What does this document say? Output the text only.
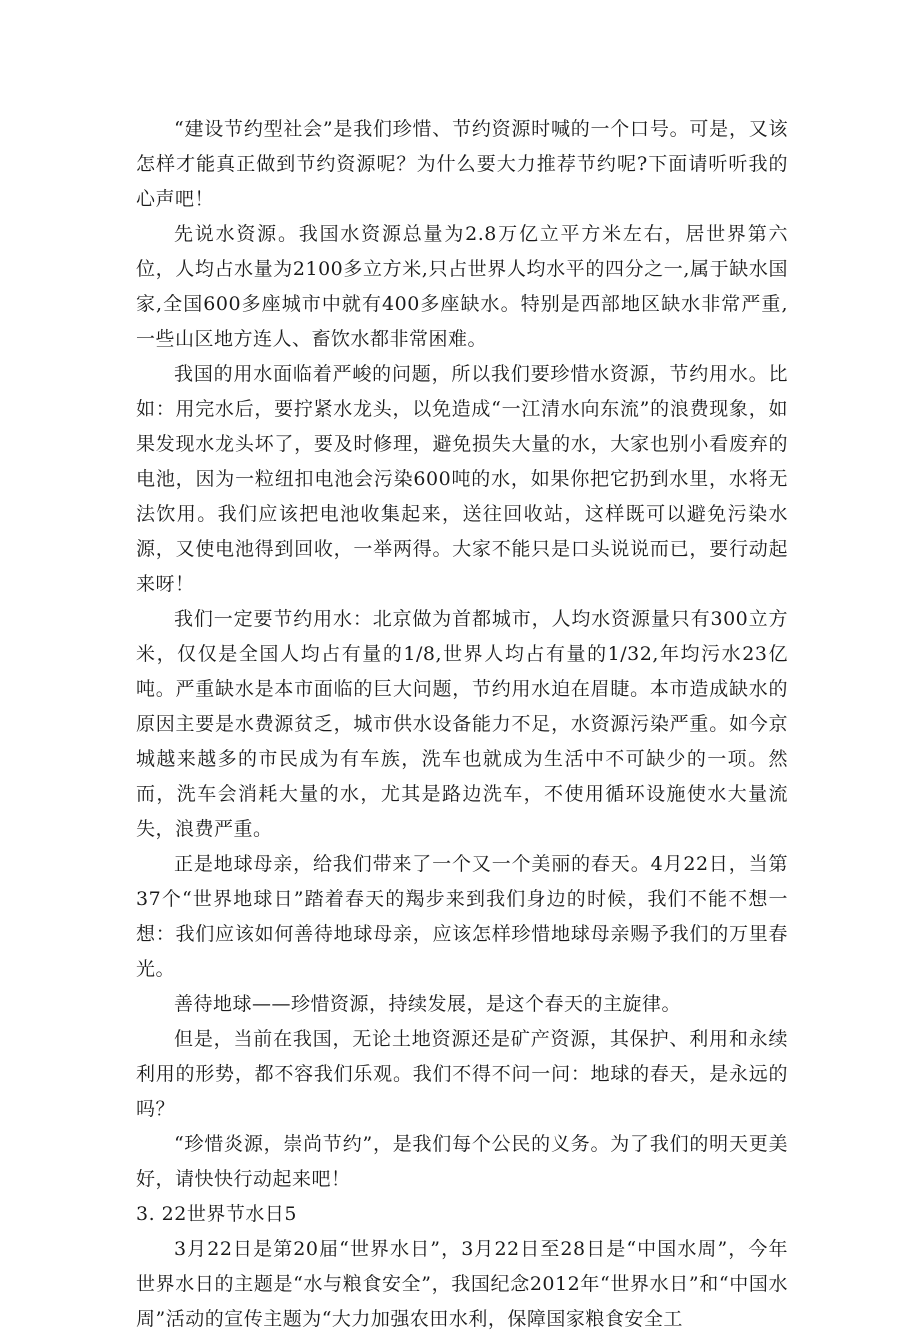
“建设节约型社会”是我们珍惜、节约资源时喊的一个口号。可是，又该怎样才能真正做到节约资源呢？为什么要大力推荐节约呢?下面请听听我的心声吧！

先说水资源。我国水资源总量为2.8万亿立平方米左右，居世界第六位，人均占水量为2100多立方米,只占世界人均水平的四分之一,属于缺水国家,全国600多座城市中就有400多座缺水。特别是西部地区缺水非常严重,一些山区地方连人、畜饮水都非常困难。

我国的用水面临着严峻的问题，所以我们要珍惜水资源，节约用水。比如：用完水后，要拧紧水龙头，以免造成“一江清水向东流”的浪费现象，如果发现水龙头坏了，要及时修理，避免损失大量的水，大家也别小看废弃的电池，因为一粒纽扣电池会污染600吨的水，如果你把它扔到水里，水将无法饮用。我们应该把电池收集起来，送往回收站，这样既可以避免污染水源，又使电池得到回收，一举两得。大家不能只是口头说说而已，要行动起来呀！

我们一定要节约用水：北京做为首都城市，人均水资源量只有300立方米，仅仅是全国人均占有量的1/8,世界人均占有量的1/32,年均污水23亿吨。严重缺水是本市面临的巨大问题，节约用水迫在眉睫。本市造成缺水的原因主要是水费源贫乏，城市供水设备能力不足，水资源污染严重。如今京城越来越多的市民成为有车族，洗车也就成为生活中不可缺少的一项。然而，洗车会消耗大量的水，尤其是路边洗车，不使用循环设施使水大量流失，浪费严重。

正是地球母亲，给我们带来了一个又一个美丽的春天。4月22日，当第37个“世界地球日”踏着春天的羯步来到我们身边的时候，我们不能不想一想：我们应该如何善待地球母亲，应该怎样珍惜地球母亲赐予我们的万里春光。

善待地球——珍惜资源，持续发展，是这个春天的主旋律。

但是，当前在我国，无论土地资源还是矿产资源，其保护、利用和永续利用的形势，都不容我们乐观。我们不得不问一问：地球的春天，是永远的吗？

“珍惜炎源，崇尚节约”，是我们每个公民的义务。为了我们的明天更美好，请快快行动起来吧！

3. 22世界节水日5

3月22日是第20届“世界水日”，3月22日至28日是“中国水周”，今年世界水日的主题是“水与粮食安全”，我国纪念2012年“世界水日”和“中国水周”活动的宣传主题为“大力加强农田水利，保障国家粮食安全工
